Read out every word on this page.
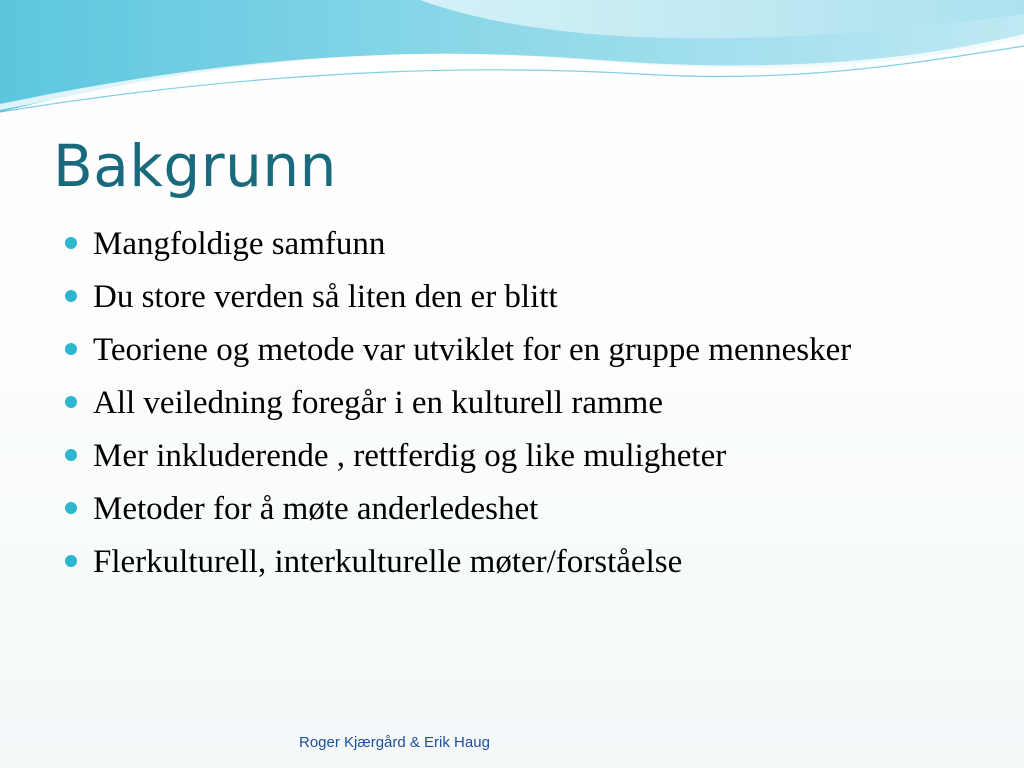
Bakgrunn
Mangfoldige samfunn
Du store verden så liten den er blitt
Teoriene og metode var utviklet for en gruppe mennesker
All veiledning foregår i en kulturell ramme
Mer inkluderende , rettferdig og like muligheter
Metoder for å møte anderledeshet
Flerkulturell, interkulturelle møter/forståelse
Roger Kjærgård & Erik Haug
